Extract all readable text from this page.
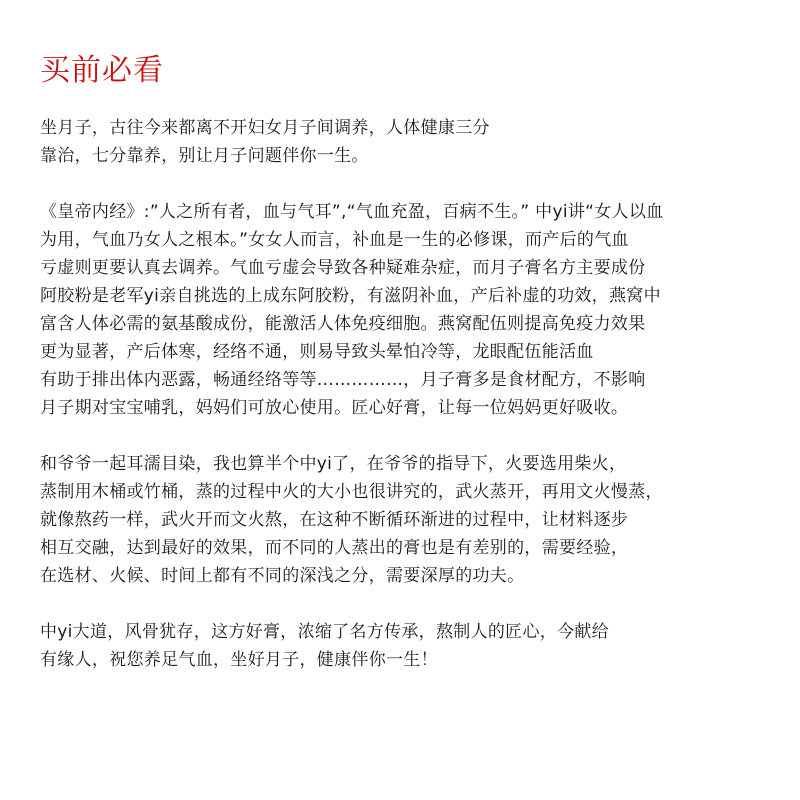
买前必看
坐月子，古往今来都离不开妇女月子间调养，人体健康三分
靠治，七分靠养，别让月子问题伴你一生。
《皇帝内经》:”人之所有者，血与气耳”,“气血充盈，百病不生。” 中yi讲“女人以血
为用，气血乃女人之根本。”女女人而言，补血是一生的必修课，而产后的气血
亏虚则更要认真去调养。气血亏虚会导致各种疑难杂症，而月子膏名方主要成份
阿胶粉是老军yi亲自挑选的上成东阿胶粉，有滋阴补血，产后补虚的功效，燕窝中
富含人体必需的氨基酸成份，能激活人体免疫细胞。燕窝配伍则提高免疫力效果
更为显著，产后体寒，经络不通，则易导致头晕怕冷等，龙眼配伍能活血
有助于排出体内恶露，畅通经络等等……………，月子膏多是食材配方，不影响
月子期对宝宝哺乳，妈妈们可放心使用。匠心好膏，让每一位妈妈更好吸收。
和爷爷一起耳濡目染，我也算半个中yi了，在爷爷的指导下，火要选用柴火，
蒸制用木桶或竹桶，蒸的过程中火的大小也很讲究的，武火蒸开，再用文火慢蒸，
就像熬药一样，武火开而文火熬，在这种不断循环渐进的过程中，让材料逐步
相互交融，达到最好的效果，而不同的人蒸出的膏也是有差别的，需要经验，
在选材、火候、时间上都有不同的深浅之分，需要深厚的功夫。
中yi大道，风骨犹存，这方好膏，浓缩了名方传承，熬制人的匠心，今献给
有缘人，祝您养足气血，坐好月子，健康伴你一生！
